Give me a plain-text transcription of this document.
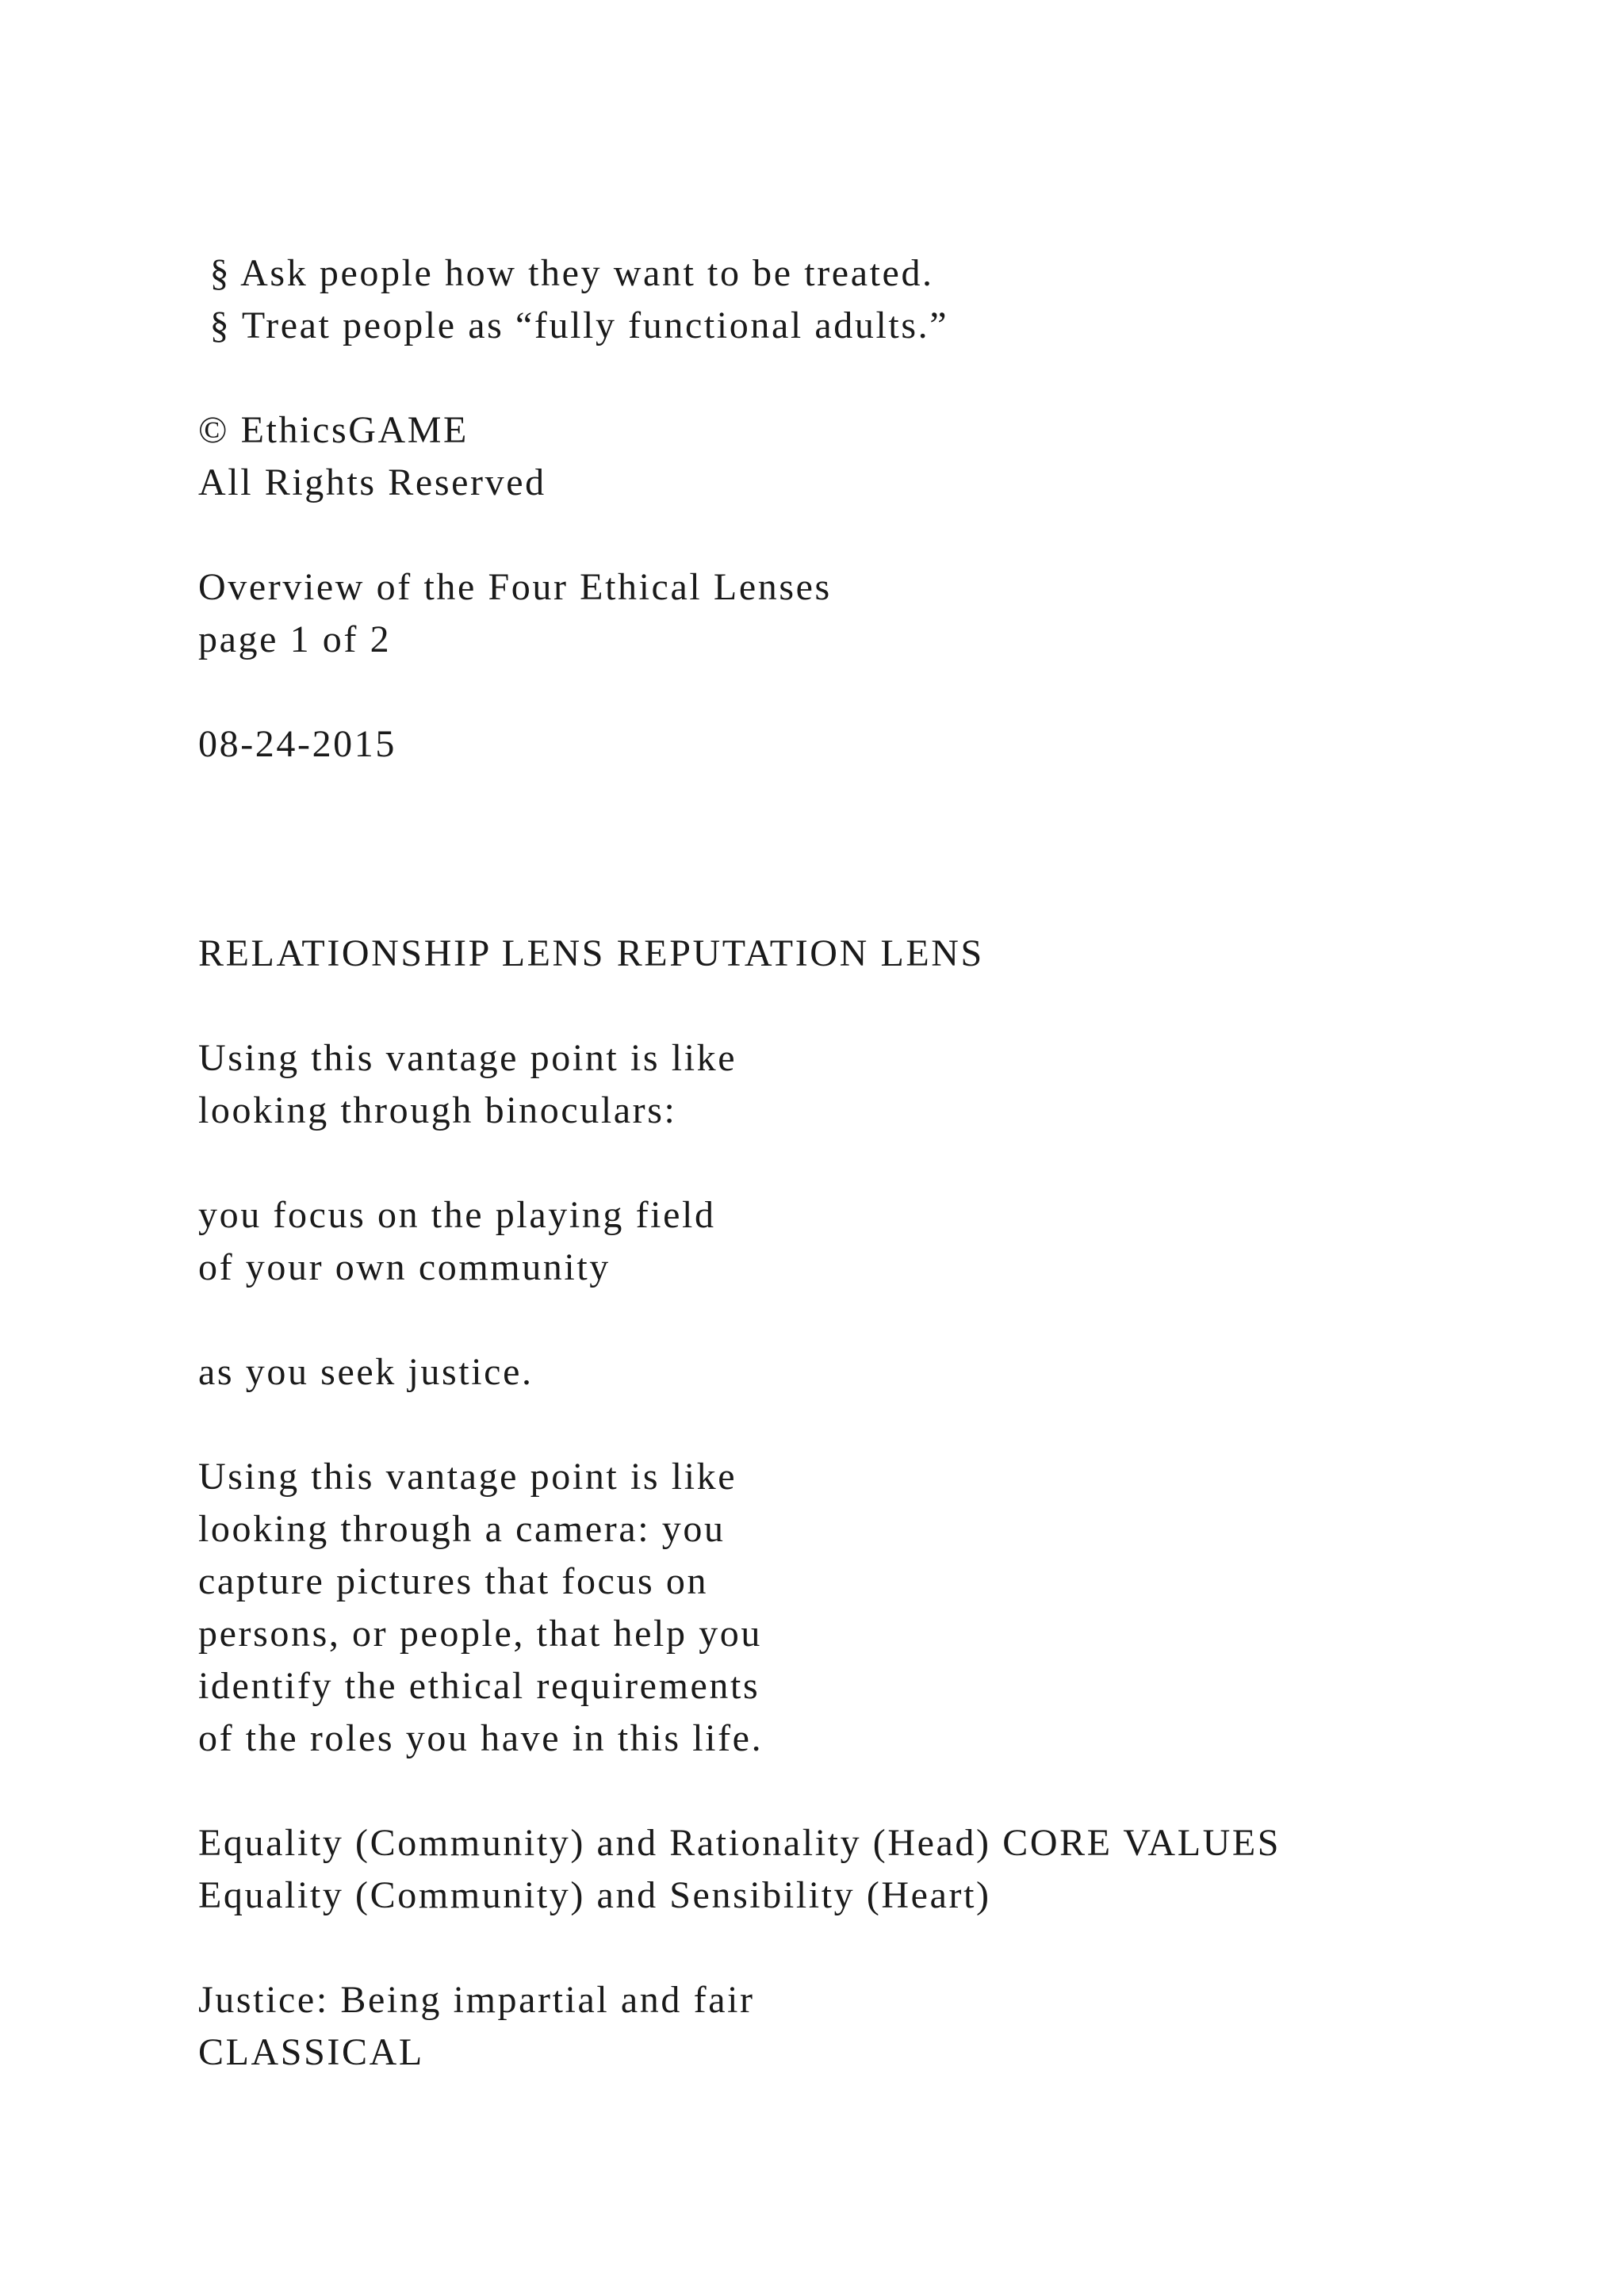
§ Ask people how they want to be treated.
§ Treat people as “fully functional adults.”
© EthicsGAME
All Rights Reserved
Overview of the Four Ethical Lenses
page 1 of 2
08-24-2015
RELATIONSHIP LENS REPUTATION LENS
Using this vantage point is like
looking through binoculars:
you focus on the playing field
of your own community
as you seek justice.
Using this vantage point is like
looking through a camera: you
capture pictures that focus on
persons, or people, that help you
identify the ethical requirements
of the roles you have in this life.
Equality (Community) and Rationality (Head) CORE VALUES
Equality (Community) and Sensibility (Heart)
Justice: Being impartial and fair
CLASSICAL
